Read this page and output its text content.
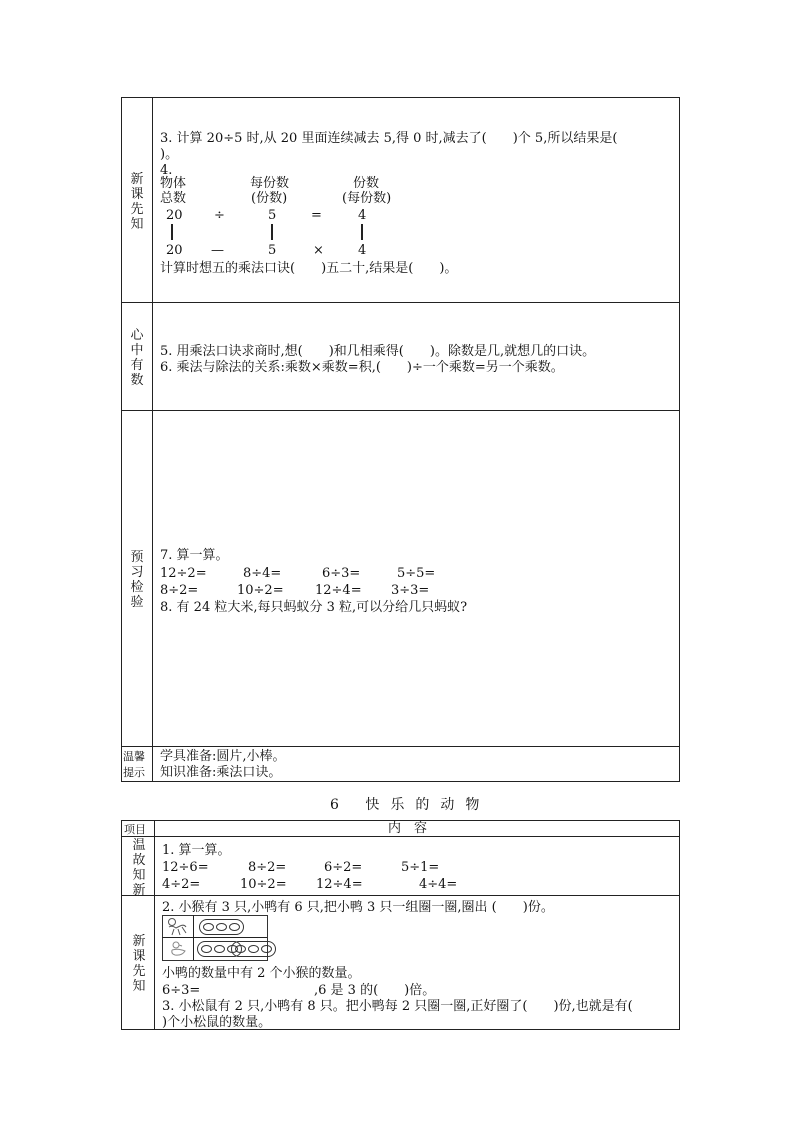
新课先知
3. 计算 20÷5 时,从 20 里面连续减去 5,得 0 时,减去了(　　)个 5,所以结果是(
)。
4.
物体	每份数	份数
总数	(份数)	(每份数)
20 ÷	5	=	4
20 —	5	×	4
计算时想五的乘法口诀(　　)五二十,结果是(　　)。
心中有数
5. 用乘法口诀求商时,想(　　)和几相乘得(　　)。除数是几,就想几的口诀。
6. 乘法与除法的关系:乘数×乘数=积,(　　)÷一个乘数=另一个乘数。
预习检验
7. 算一算。
12÷2=	8÷4=	6÷3=	5÷5=
8÷2=	10÷2= 12÷4= 3÷3=
8. 有 24 粒大米,每只蚂蚁分 3 粒,可以分给几只蚂蚁?
温馨
提示
学具准备:圆片,小棒。
知识准备:乘法口诀。
6 快乐的动物
项目	内　容
温故知新
1. 算一算。
12÷6=	8÷2=	6÷2=	5÷1=
4÷2=	10÷2= 12÷4=	4÷4=
新课先知
2. 小猴有 3 只,小鸭有 6 只,把小鸭 3 只一组圈一圈,圈出 (　　)份。
小鸭的数量中有 2 个小猴的数量。
6÷3=	,6 是 3 的(　　)倍。
3. 小松鼠有 2 只,小鸭有 8 只。把小鸭每 2 只圈一圈,正好圈了(　　)份,也就是有(
)个小松鼠的数量。
